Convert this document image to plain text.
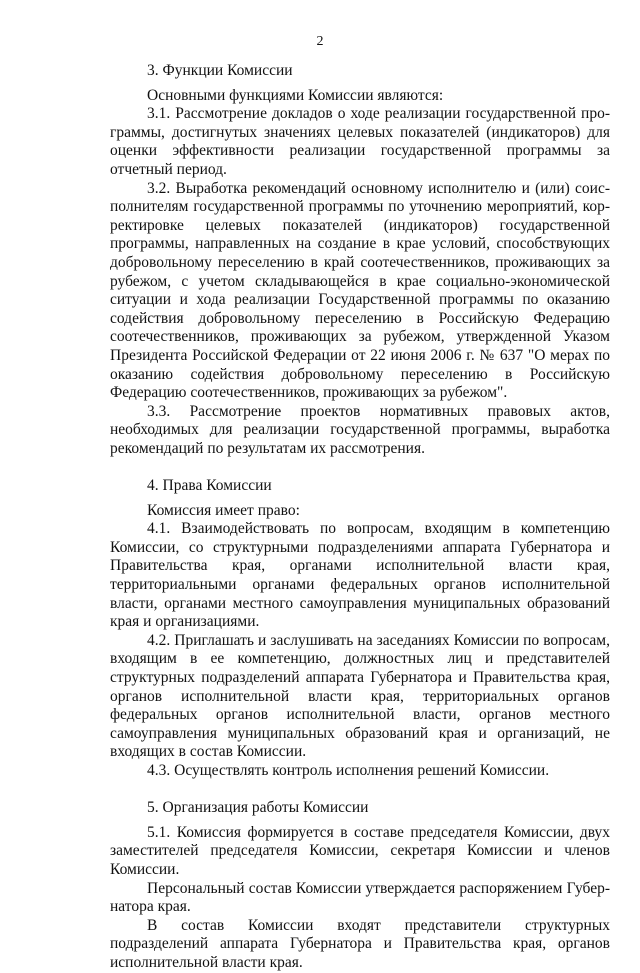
2

3. Функции Комиссии

Основными функциями Комиссии являются:

3.1. Рассмотрение докладов о ходе реализации государственной программы, достигнутых значениях целевых показателей (индикаторов) для оценки эффективности реализации государственной программы за отчетный период.

3.2. Выработка рекомендаций основному исполнителю и (или) соисполнителям государственной программы по уточнению мероприятий, корректировке целевых показателей (индикаторов) государственной программы, направленных на создание в крае условий, способствующих добровольному переселению в край соотечественников, проживающих за рубежом, с учетом складывающейся в крае социально-экономической ситуации и хода реализации Государственной программы по оказанию содействия добровольному переселению в Российскую Федерацию соотечественников, проживающих за рубежом, утвержденной Указом Президента Российской Федерации от 22 июня 2006 г. № 637 "О мерах по оказанию содействия добровольному переселению в Российскую Федерацию соотечественников, проживающих за рубежом".

3.3. Рассмотрение проектов нормативных правовых актов, необходимых для реализации государственной программы, выработка рекомендаций по результатам их рассмотрения.

4. Права Комиссии

Комиссия имеет право:

4.1. Взаимодействовать по вопросам, входящим в компетенцию Комиссии, со структурными подразделениями аппарата Губернатора и Правительства края, органами исполнительной власти края, территориальными органами федеральных органов исполнительной власти, органами местного самоуправления муниципальных образований края и организациями.

4.2. Приглашать и заслушивать на заседаниях Комиссии по вопросам, входящим в ее компетенцию, должностных лиц и представителей структурных подразделений аппарата Губернатора и Правительства края, органов исполнительной власти края, территориальных органов федеральных органов исполнительной власти, органов местного самоуправления муниципальных образований края и организаций, не входящих в состав Комиссии.

4.3. Осуществлять контроль исполнения решений Комиссии.

5. Организация работы Комиссии

5.1. Комиссия формируется в составе председателя Комиссии, двух заместителей председателя Комиссии, секретаря Комиссии и членов Комиссии.

Персональный состав Комиссии утверждается распоряжением Губернатора края.

В состав Комиссии входят представители структурных подразделений аппарата Губернатора и Правительства края, органов исполнительной власти края.
